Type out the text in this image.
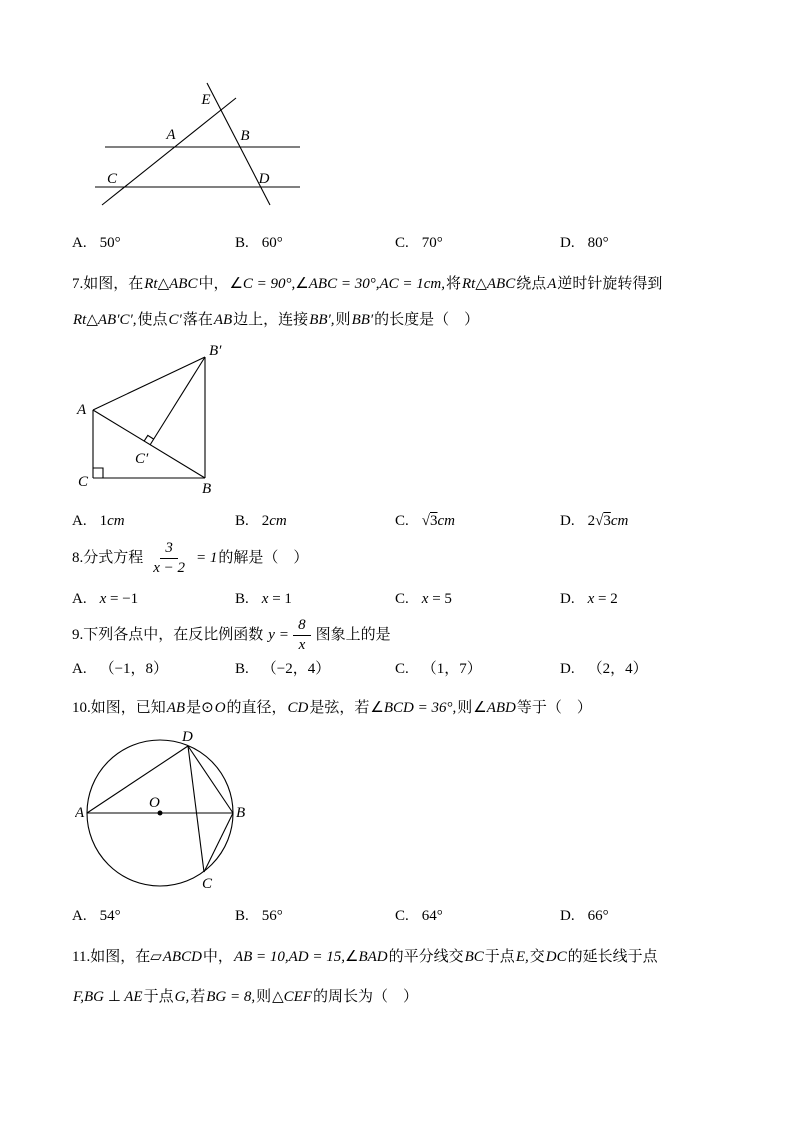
E
A	B
C	D
A. 50°	B. 60°	C. 70°	D. 80°
7.如图，在Rt△ABC中，∠C = 90°,∠ABC = 30°,AC = 1cm,将Rt△ABC绕点A逆时针旋转得到
Rt△AB′C′,使点C′落在AB边上，连接BB′,则BB′的长度是（　）
B′
A
C′
C	B
A. 1cm	B. 2cm	C. √3cm	D. 2√3cm
8.分式方程 $\frac{3}{x - 2} = 1$ 的解是（　）
A. x = −1	B. x = 1	C. x = 5	D. x = 2
9.下列各点中，在反比例函数 $y = \frac{8}{x}$ 图象上的是
A. （−1，8）	B. （−2，4）	C. （1，7）	D. （2，4）
10.如图，已知AB是⊙O的直径，CD是弦，若∠BCD = 36°,则∠ABD等于（　）
D
A
O
B
C
A. 54°	B. 56°	C. 64°	D. 66°
11.如图，在▱ABCD中，AB = 10,AD = 15,∠BAD的平分线交BC于点E,交DC的延长线于点
F,BG ⊥ AE于点G,若BG = 8,则△CEF的周长为（　）
